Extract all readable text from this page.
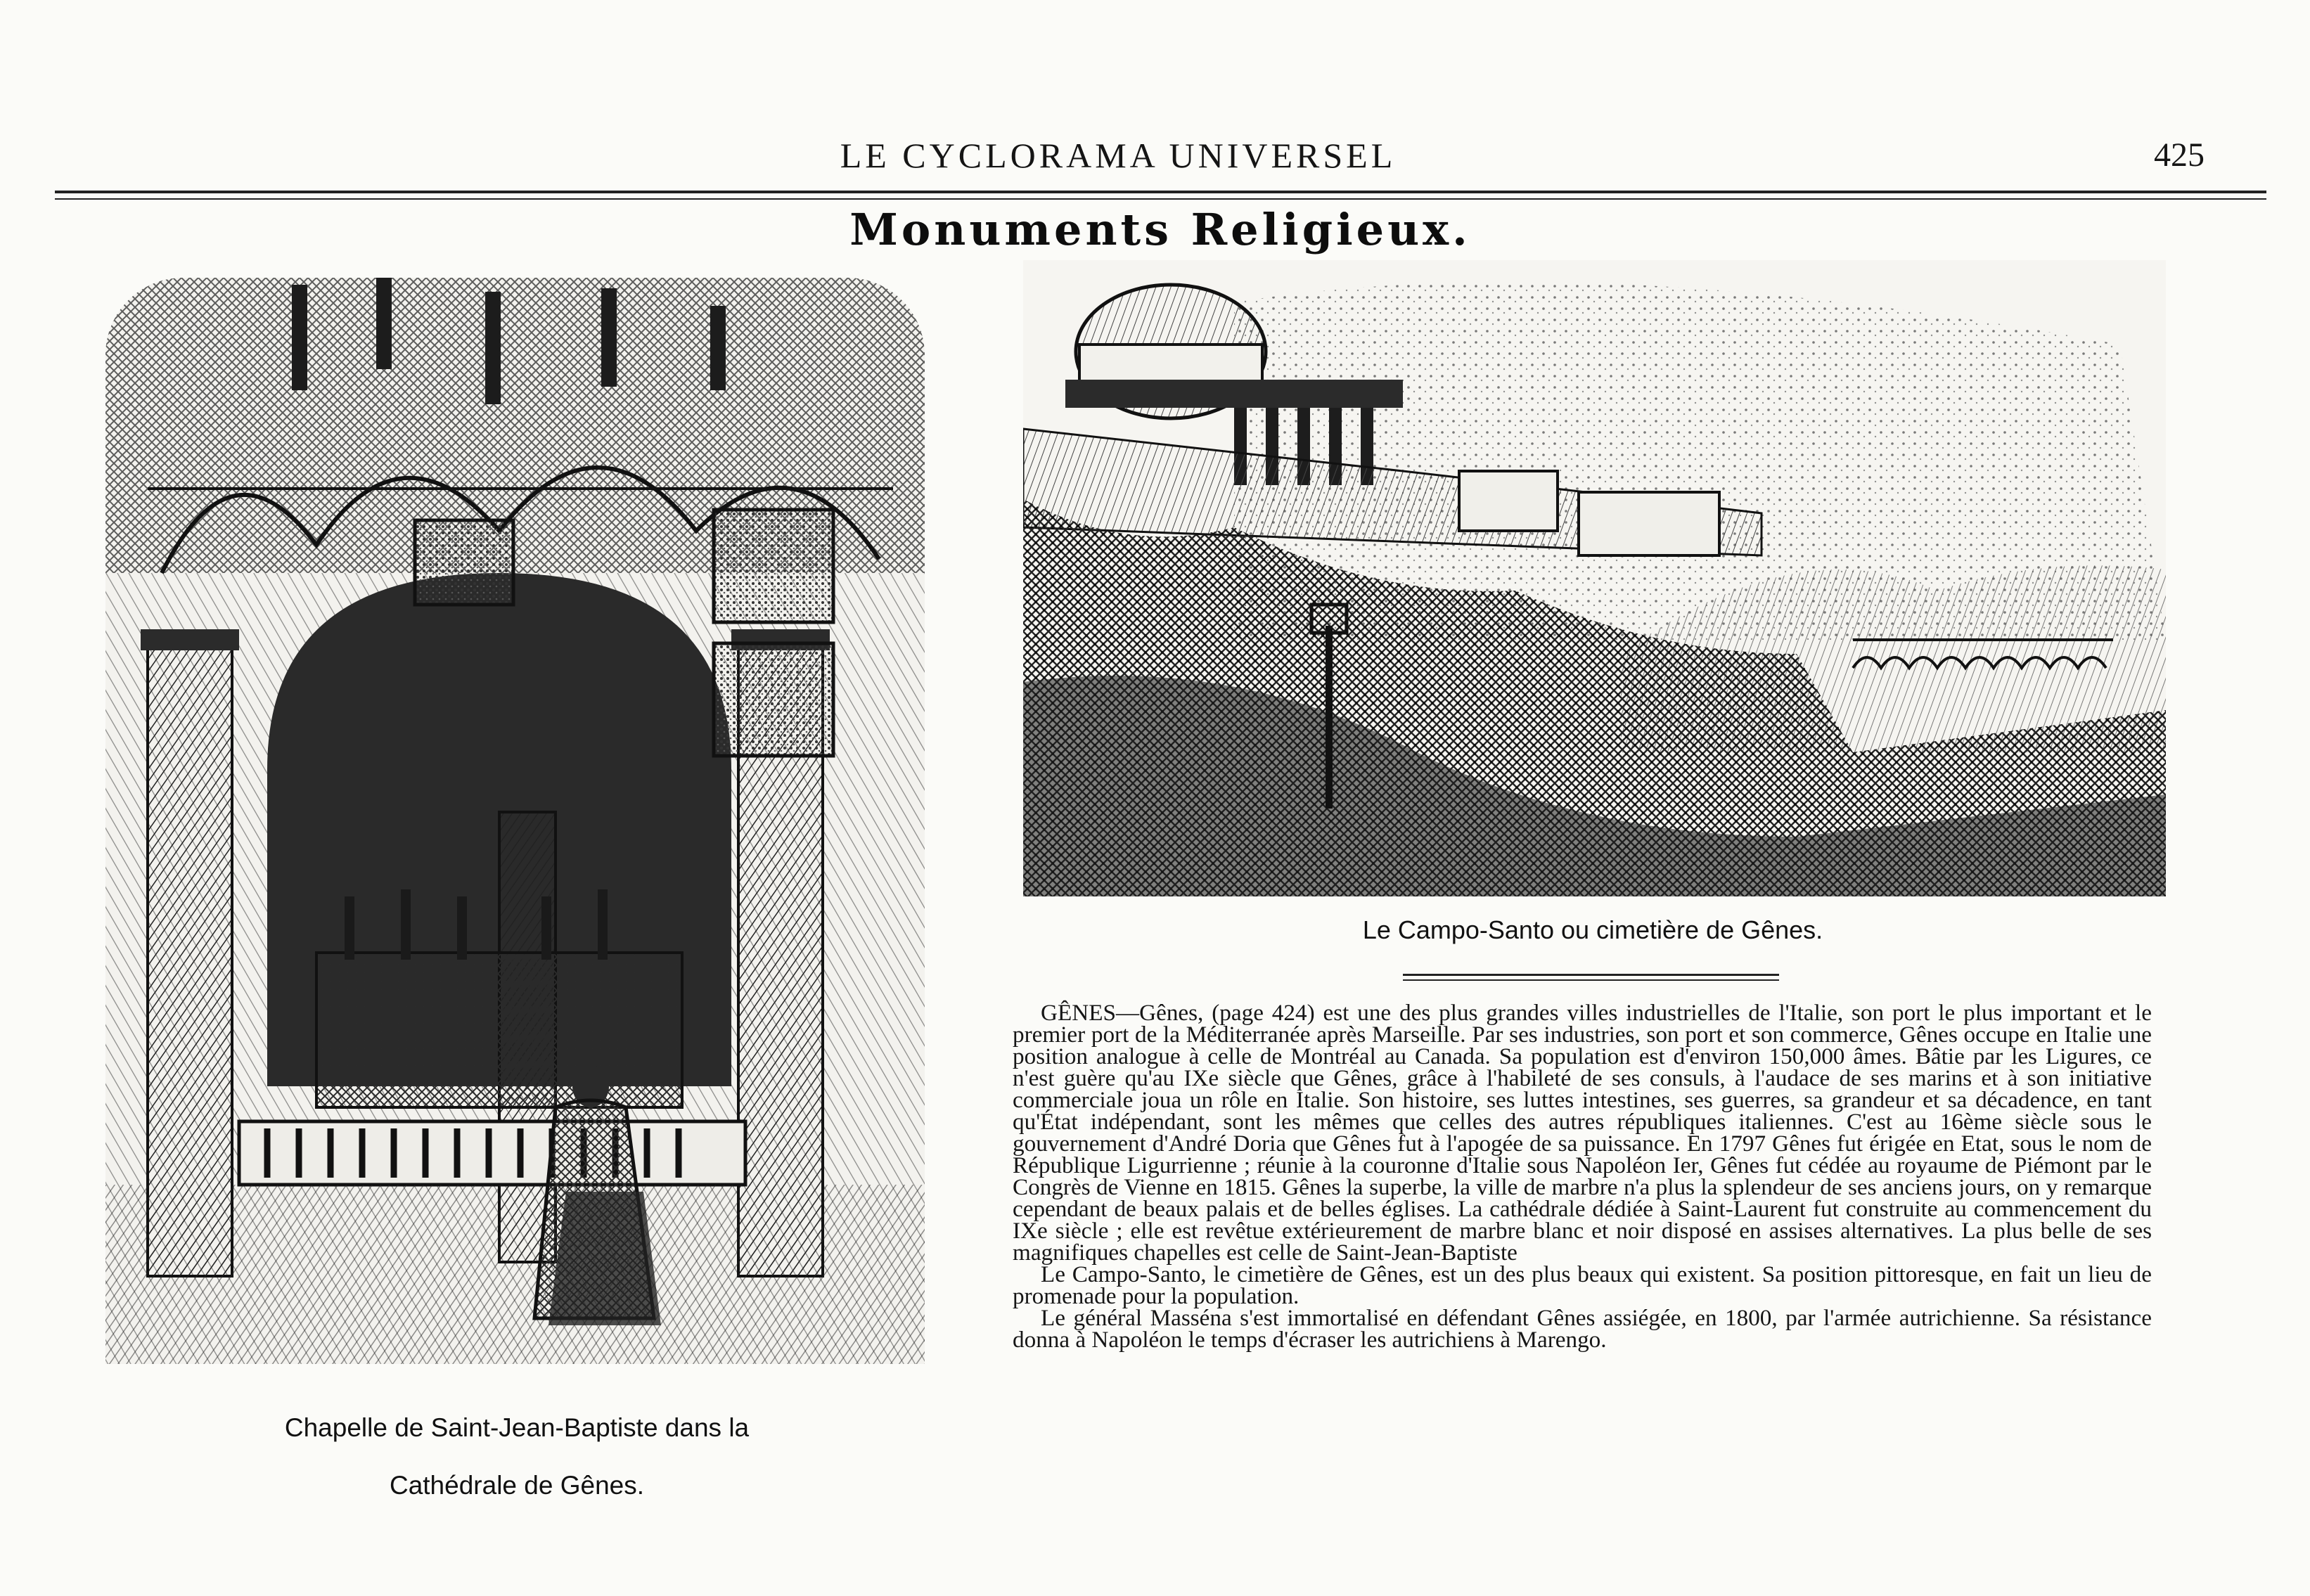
LE CYCLORAMA UNIVERSEL	425
Monuments Religieux.
Chapelle de Saint-Jean-Baptiste dans la
Cathédrale de Gênes.
Le Campo-Santo ou cimetière de Gênes.

GÊNES—Gênes, (page 424) est une des plus grandes villes industrielles de l'Italie, son port le plus important et le premier port de la Méditerranée après Marseille. Par ses industries, son port et son commerce, Gênes occupe en Italie une position analogue à celle de Montréal au Canada. Sa population est d'environ 150,000 âmes. Bâtie par les Ligures, ce n'est guère qu'au IXe siècle que Gênes, grâce à l'habileté de ses consuls, à l'audace de ses marins et à son initiative commerciale joua un rôle en Italie. Son histoire, ses luttes intestines, ses guerres, sa grandeur et sa décadence, en tant qu'État indépendant, sont les mêmes que celles des autres républiques italiennes. C'est au 16ème siècle sous le gouvernement d'André Doria que Gênes fut à l'apogée de sa puissance. En 1797 Gênes fut érigée en Etat, sous le nom de République Ligurrienne ; réunie à la couronne d'Italie sous Napoléon Ier, Gênes fut cédée au royaume de Piémont par le Congrès de Vienne en 1815. Gênes la superbe, la ville de marbre n'a plus la splendeur de ses anciens jours, on y remarque cependant de beaux palais et de belles églises. La cathédrale dédiée à Saint-Laurent fut construite au commencement du IXe siècle ; elle est revêtue extérieurement de marbre blanc et noir disposé en assises alternatives. La plus belle de ses magnifiques chapelles est celle de Saint-Jean-Baptiste

Le Campo-Santo, le cimetière de Gênes, est un des plus beaux qui existent. Sa position pittoresque, en fait un lieu de promenade pour la population.

Le général Masséna s'est immortalisé en défendant Gênes assiégée, en 1800, par l'armée autrichienne. Sa résistance donna à Napoléon le temps d'écraser les autrichiens à Marengo.
